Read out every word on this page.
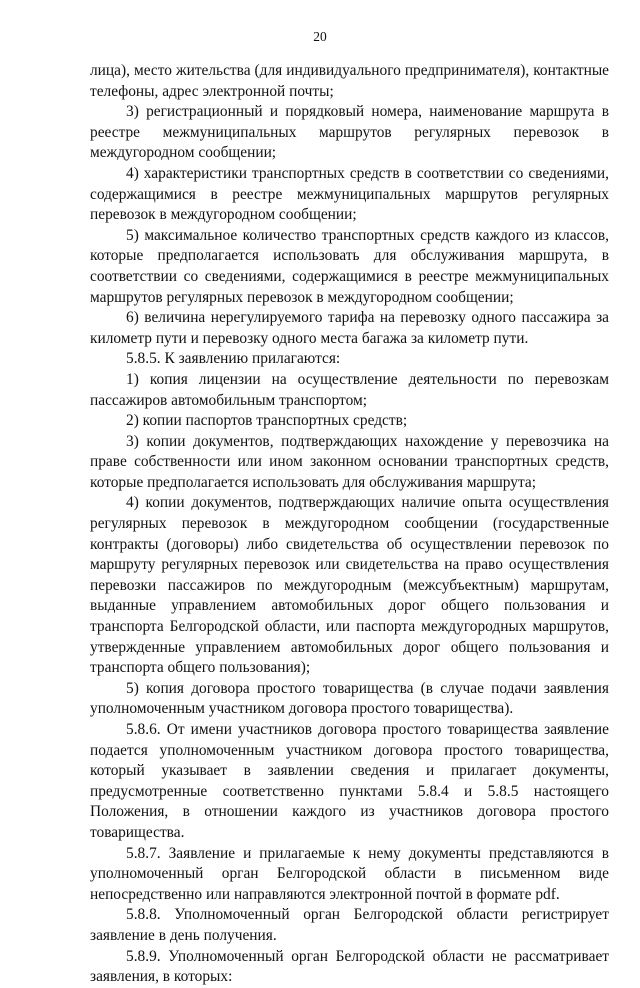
20

лица), место жительства (для индивидуального предпринимателя), контактные телефоны, адрес электронной почты;

3) регистрационный и порядковый номера, наименование маршрута в реестре межмуниципальных маршрутов регулярных перевозок в междугородном сообщении;

4) характеристики транспортных средств в соответствии со сведениями, содержащимися в реестре межмуниципальных маршрутов регулярных перевозок в междугородном сообщении;

5) максимальное количество транспортных средств каждого из классов, которые предполагается использовать для обслуживания маршрута, в соответствии со сведениями, содержащимися в реестре межмуниципальных маршрутов регулярных перевозок в междугородном сообщении;

6) величина нерегулируемого тарифа на перевозку одного пассажира за километр пути и перевозку одного места багажа за километр пути.

5.8.5. К заявлению прилагаются:

1) копия лицензии на осуществление деятельности по перевозкам пассажиров автомобильным транспортом;

2) копии паспортов транспортных средств;

3) копии документов, подтверждающих нахождение у перевозчика на праве собственности или ином законном основании транспортных средств, которые предполагается использовать для обслуживания маршрута;

4) копии документов, подтверждающих наличие опыта осуществления регулярных перевозок в междугородном сообщении (государственные контракты (договоры) либо свидетельства об осуществлении перевозок по маршруту регулярных перевозок или свидетельства на право осуществления перевозки пассажиров по междугородным (межсубъектным) маршрутам, выданные управлением автомобильных дорог общего пользования и транспорта Белгородской области, или паспорта междугородных маршрутов, утвержденные управлением автомобильных дорог общего пользования и транспорта общего пользования);

5) копия договора простого товарищества (в случае подачи заявления уполномоченным участником договора простого товарищества).

5.8.6. От имени участников договора простого товарищества заявление подается уполномоченным участником договора простого товарищества, который указывает в заявлении сведения и прилагает документы, предусмотренные соответственно пунктами 5.8.4 и 5.8.5 настоящего Положения, в отношении каждого из участников договора простого товарищества.

5.8.7. Заявление и прилагаемые к нему документы представляются в уполномоченный орган Белгородской области в письменном виде непосредственно или направляются электронной почтой в формате pdf.

5.8.8. Уполномоченный орган Белгородской области регистрирует заявление в день получения.

5.8.9. Уполномоченный орган Белгородской области не рассматривает заявления, в которых:
